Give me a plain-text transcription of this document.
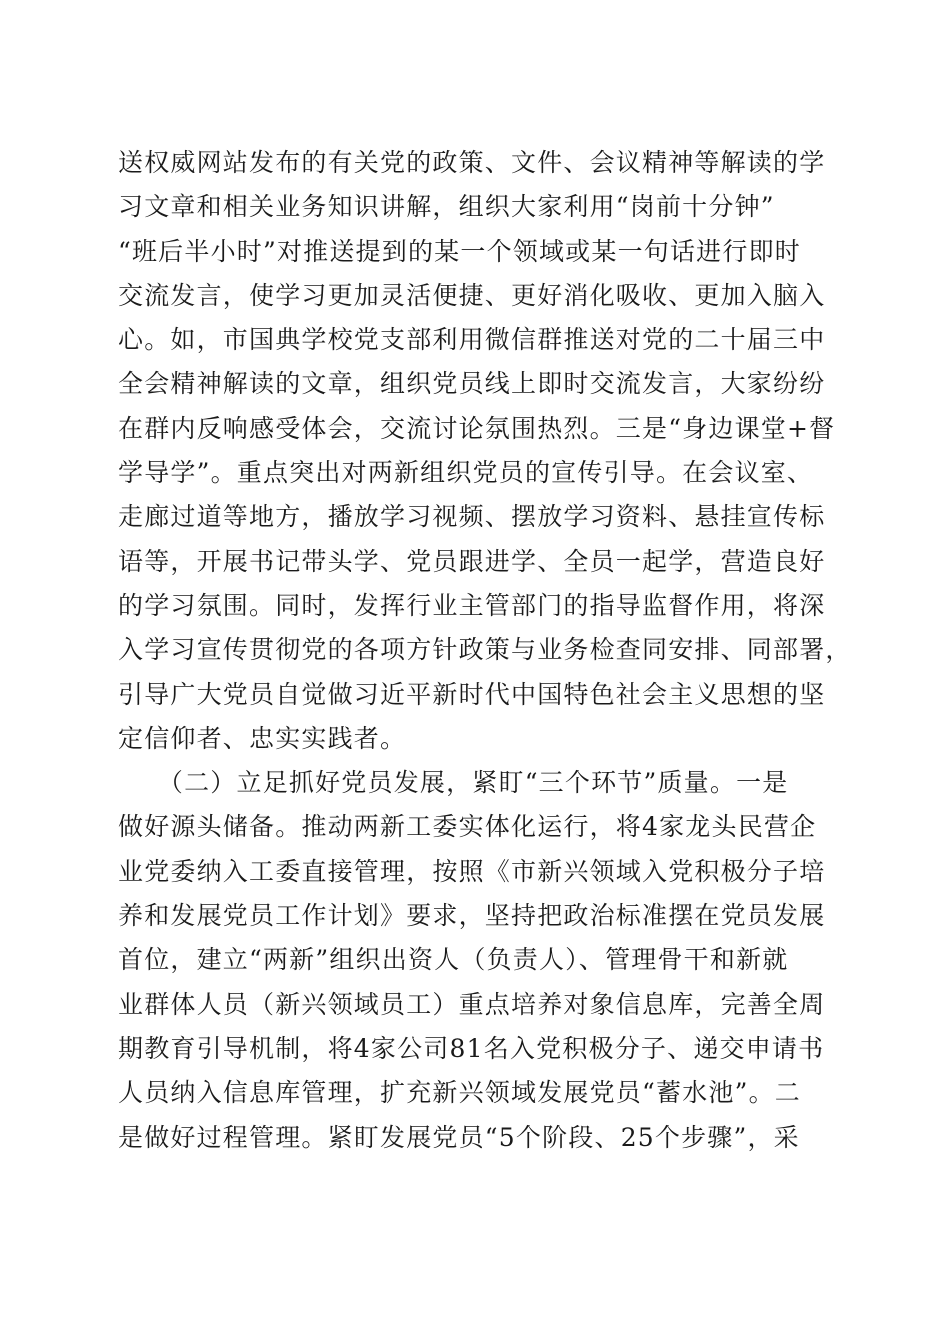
送权威网站发布的有关党的政策、文件、会议精神等解读的学
习文章和相关业务知识讲解，组织大家利用“岗前十分钟”
“班后半小时”对推送提到的某一个领域或某一句话进行即时
交流发言，使学习更加灵活便捷、更好消化吸收、更加入脑入
心。如，市国典学校党支部利用微信群推送对党的二十届三中
全会精神解读的文章，组织党员线上即时交流发言，大家纷纷
在群内反响感受体会，交流讨论氛围热烈。三是“身边课堂+督
学导学”。重点突出对两新组织党员的宣传引导。在会议室、
走廊过道等地方，播放学习视频、摆放学习资料、悬挂宣传标
语等，开展书记带头学、党员跟进学、全员一起学，营造良好
的学习氛围。同时，发挥行业主管部门的指导监督作用，将深
入学习宣传贯彻党的各项方针政策与业务检查同安排、同部署，
引导广大党员自觉做习近平新时代中国特色社会主义思想的坚
定信仰者、忠实实践者。
　　（二）立足抓好党员发展，紧盯“三个环节”质量。一是
做好源头储备。推动两新工委实体化运行，将4家龙头民营企
业党委纳入工委直接管理，按照《市新兴领域入党积极分子培
养和发展党员工作计划》要求，坚持把政治标准摆在党员发展
首位，建立“两新”组织出资人（负责人）、管理骨干和新就
业群体人员（新兴领域员工）重点培养对象信息库，完善全周
期教育引导机制，将4家公司81名入党积极分子、递交申请书
人员纳入信息库管理，扩充新兴领域发展党员“蓄水池”。二
是做好过程管理。紧盯发展党员“5个阶段、25个步骤”，采
